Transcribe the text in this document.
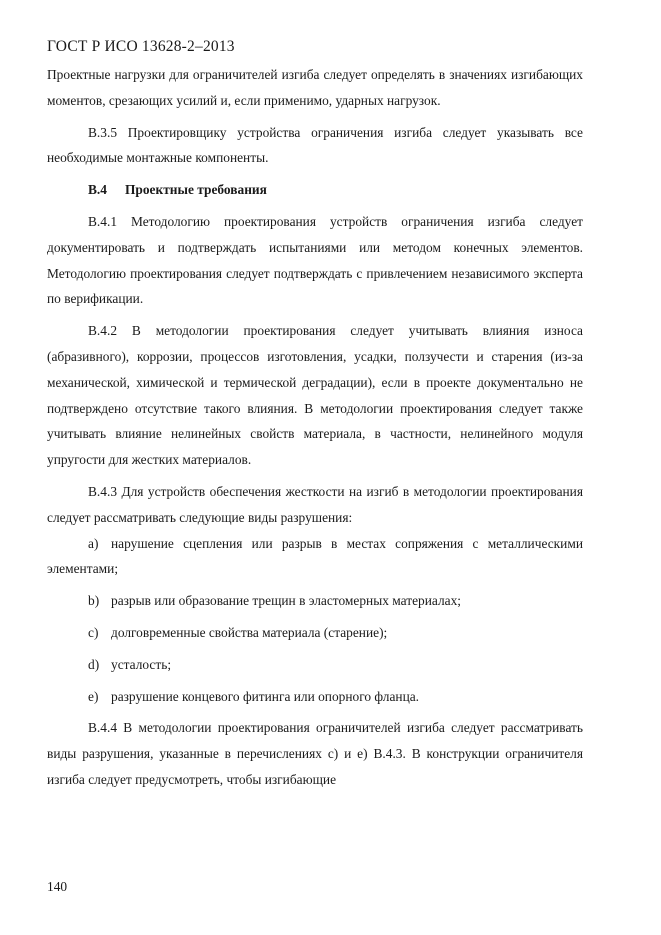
ГОСТ Р ИСО 13628-2–2013

Проектные нагрузки для ограничителей изгиба следует определять в значениях изгибающих моментов, срезающих усилий и, если применимо, ударных нагрузок.

B.3.5 Проектировщику устройства ограничения изгиба следует указывать все необходимые монтажные компоненты.

B.4 Проектные требования

B.4.1 Методологию проектирования устройств ограничения изгиба следует документировать и подтверждать испытаниями или методом конечных элементов. Методологию проектирования следует подтверждать с привлечением независимого эксперта по верификации.

B.4.2 В методологии проектирования следует учитывать влияния износа (абразивного), коррозии, процессов изготовления, усадки, ползучести и старения (из-за механической, химической и термической деградации), если в проекте документально не подтверждено отсутствие такого влияния. В методологии проектирования следует также учитывать влияние нелинейных свойств материала, в частности, нелинейного модуля упругости для жестких материалов.

B.4.3 Для устройств обеспечения жесткости на изгиб в методологии проектирования следует рассматривать следующие виды разрушения:

a) нарушение сцепления или разрыв в местах сопряжения с металлическими элементами;

b) разрыв или образование трещин в эластомерных материалах;

c) долговременные свойства материала (старение);

d) усталость;

e) разрушение концевого фитинга или опорного фланца.

B.4.4 В методологии проектирования ограничителей изгиба следует рассматривать виды разрушения, указанные в перечислениях с) и е) B.4.3. В конструкции ограничителя изгиба следует предусмотреть, чтобы изгибающие

140
